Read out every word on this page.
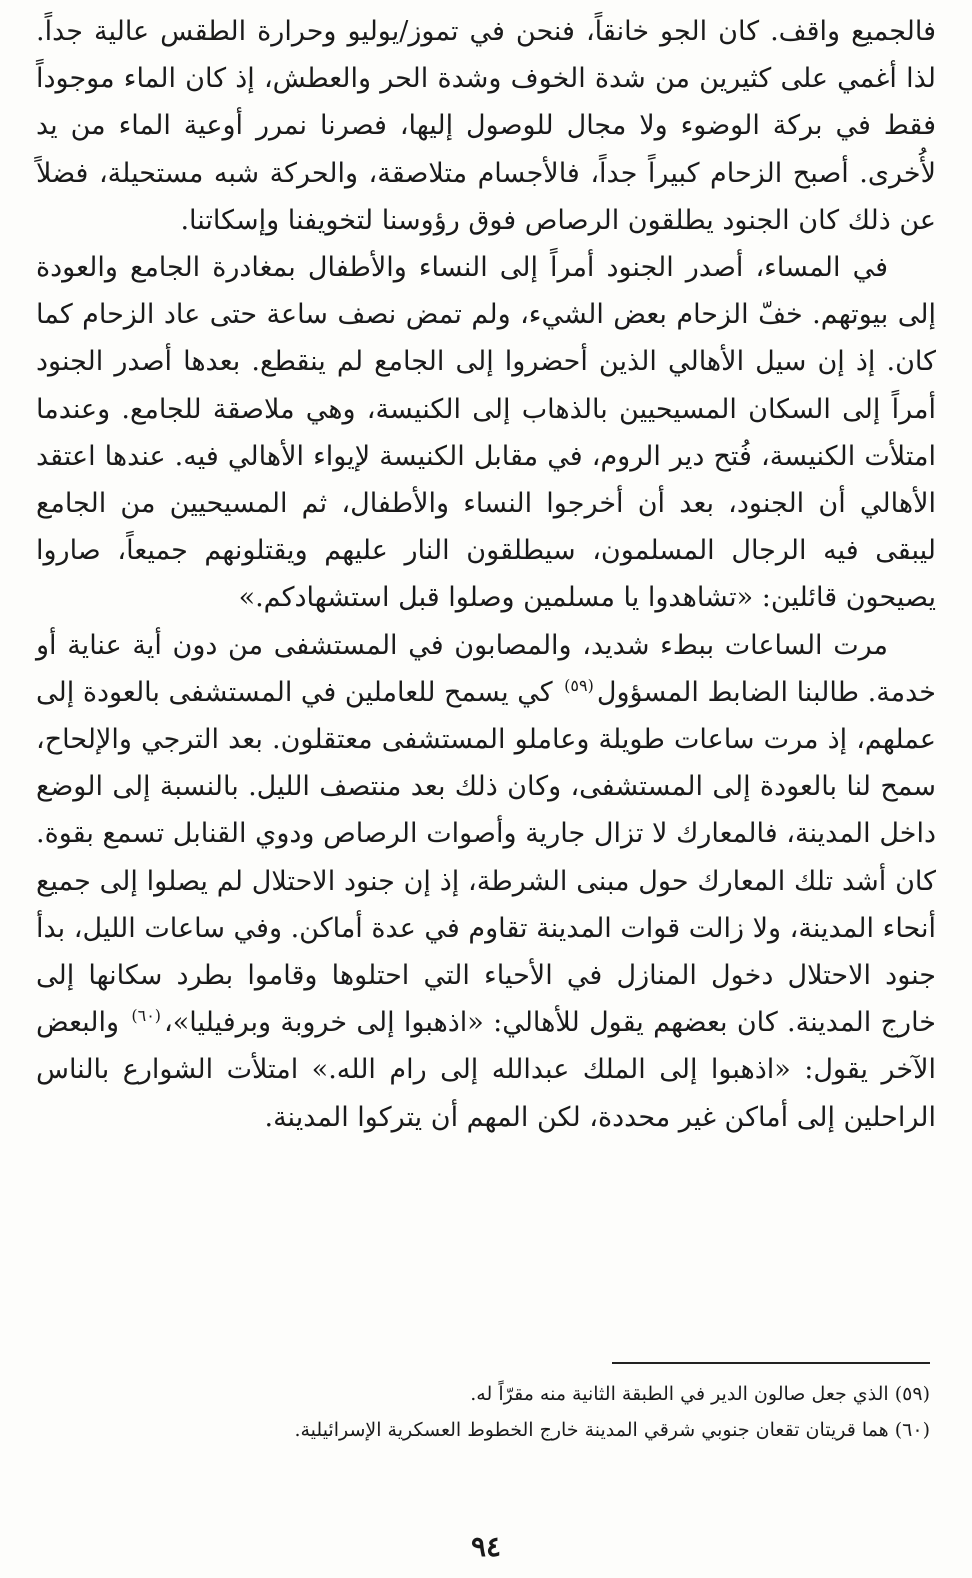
فالجميع واقف. كان الجو خانقاً، فنحن في تموز/يوليو وحرارة الطقس عالية جداً. لذا أغمي على كثيرين من شدة الخوف وشدة الحر والعطش، إذ كان الماء موجوداً فقط في بركة الوضوء ولا مجال للوصول إليها، فصرنا نمرر أوعية الماء من يد لأُخرى. أصبح الزحام كبيراً جداً، فالأجسام متلاصقة، والحركة شبه مستحيلة، فضلاً عن ذلك كان الجنود يطلقون الرصاص فوق رؤوسنا لتخويفنا وإسكاتنا.

في المساء، أصدر الجنود أمراً إلى النساء والأطفال بمغادرة الجامع والعودة إلى بيوتهم. خفّ الزحام بعض الشيء، ولم تمض نصف ساعة حتى عاد الزحام كما كان. إذ إن سيل الأهالي الذين أحضروا إلى الجامع لم ينقطع. بعدها أصدر الجنود أمراً إلى السكان المسيحيين بالذهاب إلى الكنيسة، وهي ملاصقة للجامع. وعندما امتلأت الكنيسة، فُتح دير الروم، في مقابل الكنيسة لإيواء الأهالي فيه. عندها اعتقد الأهالي أن الجنود، بعد أن أخرجوا النساء والأطفال، ثم المسيحيين من الجامع ليبقى فيه الرجال المسلمون، سيطلقون النار عليهم ويقتلونهم جميعاً، صاروا يصيحون قائلين: «تشاهدوا يا مسلمين وصلوا قبل استشهادكم.»

مرت الساعات ببطء شديد، والمصابون في المستشفى من دون أية عناية أو خدمة. طالبنا الضابط المسؤول$^{(٥٩)}$ كي يسمح للعاملين في المستشفى بالعودة إلى عملهم، إذ مرت ساعات طويلة وعاملو المستشفى معتقلون. بعد الترجي والإلحاح، سمح لنا بالعودة إلى المستشفى، وكان ذلك بعد منتصف الليل. بالنسبة إلى الوضع داخل المدينة، فالمعارك لا تزال جارية وأصوات الرصاص ودوي القنابل تسمع بقوة. كان أشد تلك المعارك حول مبنى الشرطة، إذ إن جنود الاحتلال لم يصلوا إلى جميع أنحاء المدينة، ولا زالت قوات المدينة تقاوم في عدة أماكن. وفي ساعات الليل، بدأ جنود الاحتلال دخول المنازل في الأحياء التي احتلوها وقاموا بطرد سكانها إلى خارج المدينة. كان بعضهم يقول للأهالي: «اذهبوا إلى خروبة وبرفيليا»،$^{(٦٠)}$ والبعض الآخر يقول: «اذهبوا إلى الملك عبدالله إلى رام الله.» امتلأت الشوارع بالناس الراحلين إلى أماكن غير محددة، لكن المهم أن يتركوا المدينة.

(٥٩) الذي جعل صالون الدير في الطبقة الثانية منه مقرّاً له.

(٦٠) هما قريتان تقعان جنوبي شرقي المدينة خارج الخطوط العسكرية الإسرائيلية.

٩٤
